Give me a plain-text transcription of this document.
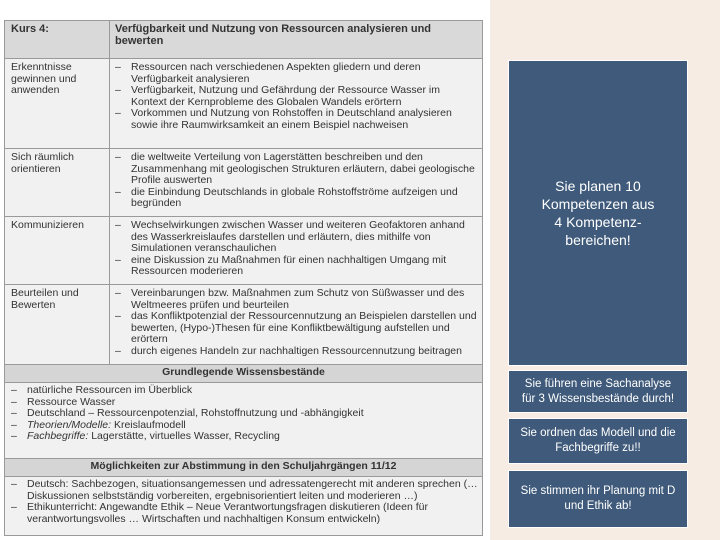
Kurs 4:	Verfügbarkeit und Nutzung von Ressourcen analysieren und bewerten
Erkenntnisse gewinnen und anwenden
– Ressourcen nach verschiedenen Aspekten gliedern und deren Verfügbarkeit analysieren
– Verfügbarkeit, Nutzung und Gefährdung der Ressource Wasser im Kontext der Kernprobleme des Globalen Wandels erörtern
– Vorkommen und Nutzung von Rohstoffen in Deutschland analysieren sowie ihre Raumwirksamkeit an einem Beispiel nachweisen
Sich räumlich orientieren
– die weltweite Verteilung von Lagerstätten beschreiben und den Zusammenhang mit geologischen Strukturen erläutern, dabei geologische Profile auswerten
– die Einbindung Deutschlands in globale Rohstoffströme aufzeigen und begründen
Kommunizieren	– Wechselwirkungen zwischen Wasser und weiteren Geofaktoren anhand des Wasserkreislaufes darstellen und erläutern, dies mithilfe von Simulationen veranschaulichen
– eine Diskussion zu Maßnahmen für einen nachhaltigen Umgang mit Ressourcen moderieren
Beurteilen und Bewerten
– Vereinbarungen bzw. Maßnahmen zum Schutz von Süßwasser und des Weltmeeres prüfen und beurteilen
– das Konfliktpotenzial der Ressourcennutzung an Beispielen darstellen und bewerten, (Hypo-)Thesen für eine Konfliktbewältigung aufstellen und erörtern
– durch eigenes Handeln zur nachhaltigen Ressourcennutzung beitragen
Grundlegende Wissensbestände
– natürliche Ressourcen im Überblick
– Ressource Wasser
– Deutschland – Ressourcenpotenzial, Rohstoffnutzung und -abhängigkeit
– Theorien/Modelle: Kreislaufmodell
– Fachbegriffe: Lagerstätte, virtuelles Wasser, Recycling
Möglichkeiten zur Abstimmung in den Schuljahrgängen 11/12
– Deutsch: Sachbezogen, situationsangemessen und adressatengerecht mit anderen sprechen (… Diskussionen selbstständig vorbereiten, ergebnisorientiert leiten und moderieren …)
– Ethikunterricht: Angewandte Ethik – Neue Verantwortungsfragen diskutieren (Ideen für verantwortungsvolles … Wirtschaften und nachhaltigen Konsum entwickeln)
Sie planen 10 Kompetenzen aus 4 Kompetenz-bereichen!
Sie führen eine Sachanalyse für 3 Wissensbestände durch!
Sie ordnen das Modell und die Fachbegriffe zu!!
Sie stimmen ihr Planung mit D und Ethik ab!
